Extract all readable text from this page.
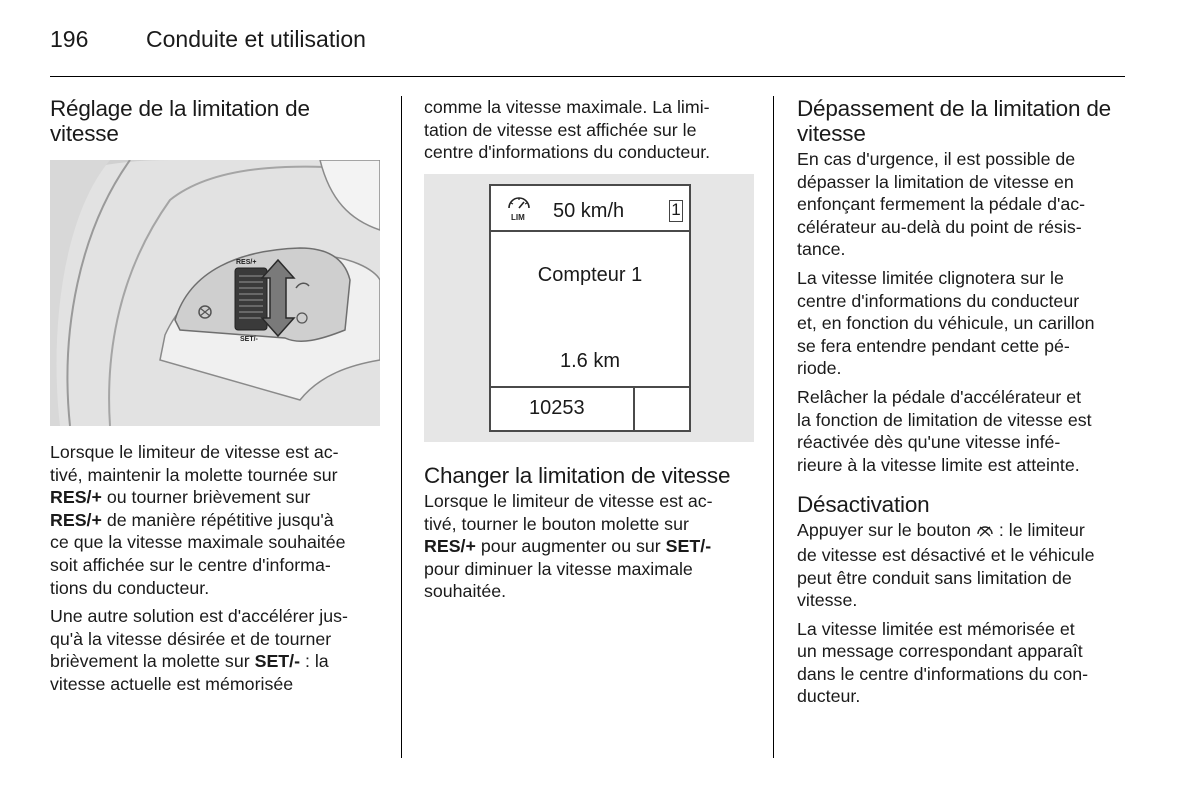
196	Conduite et utilisation
Réglage de la limitation de vitesse
RES/+
SET/-

Lorsque le limiteur de vitesse est ac-
tivé, maintenir la molette tournée sur
RES/+ ou tourner brièvement sur
RES/+ de manière répétitive jusqu'à
ce que la vitesse maximale souhaitée
soit affichée sur le centre d'informa-
tions du conducteur.

Une autre solution est d'accélérer jus-
qu'à la vitesse désirée et de tourner
brièvement la molette sur SET/- : la
vitesse actuelle est mémorisée

comme la vitesse maximale. La limi-
tation de vitesse est affichée sur le
centre d'informations du conducteur.

LIM 50 km/h	1
Compteur 1
1.6 km
10253
Changer la limitation de vitesse

Lorsque le limiteur de vitesse est ac-
tivé, tourner le bouton molette sur
RES/+ pour augmenter ou sur SET/-
pour diminuer la vitesse maximale
souhaitée.

Dépassement de la limitation de vitesse

En cas d'urgence, il est possible de
dépasser la limitation de vitesse en
enfonçant fermement la pédale d'ac-
célérateur au-delà du point de résis-
tance.

La vitesse limitée clignotera sur le
centre d'informations du conducteur
et, en fonction du véhicule, un carillon
se fera entendre pendant cette pé-
riode.

Relâcher la pédale d'accélérateur et
la fonction de limitation de vitesse est
réactivée dès qu'une vitesse infé-
rieure à la vitesse limite est atteinte.

Désactivation

Appuyer sur le bouton  : le limiteur
de vitesse est désactivé et le véhicule
peut être conduit sans limitation de
vitesse.

La vitesse limitée est mémorisée et
un message correspondant apparaît
dans le centre d'informations du con-
ducteur.
